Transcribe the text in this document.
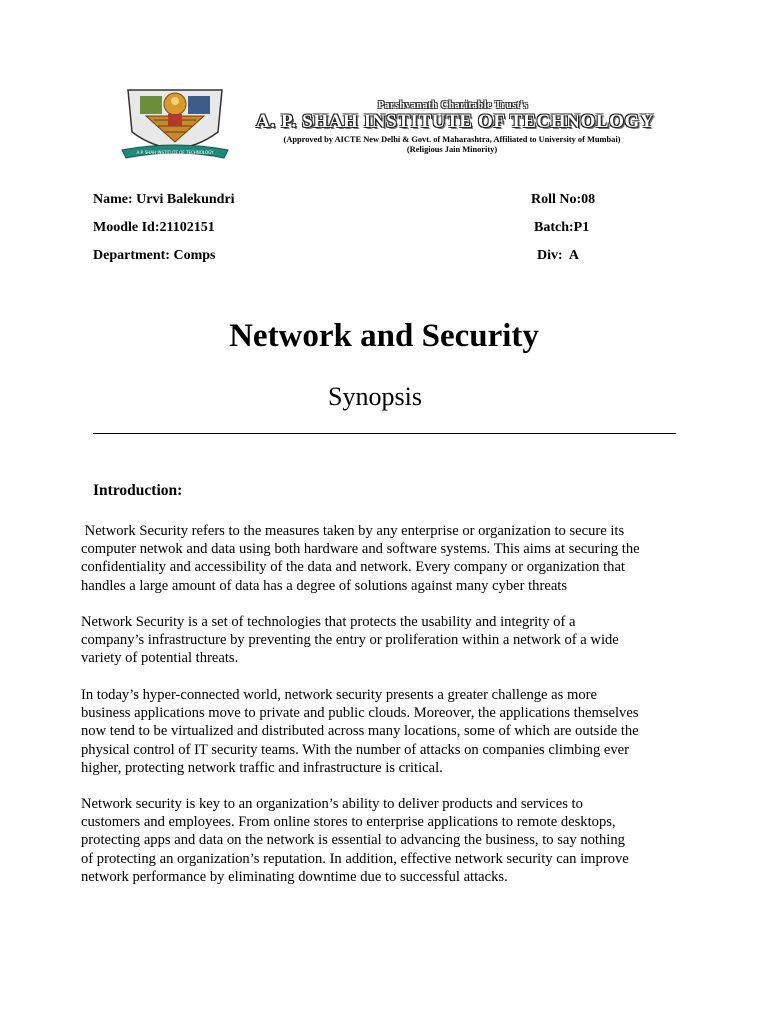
A.P. SHAH INSTITUTE OF TECHNOLOGY
Parshvanath Charitable Trust's
A. P. SHAH INSTITUTE OF TECHNOLOGY
(Approved by AICTE New Delhi & Govt. of Maharashtra, Affiliated to University of Mumbai)
(Religious Jain Minority)
Name: Urvi Balekundri
Moodle Id:21102151
Department: Comps
Roll No:08
Batch:P1
Div:  A
Network and Security
Synopsis
Introduction:
Network Security refers to the measures taken by any enterprise or organization to secure its
computer netwok and data using both hardware and software systems. This aims at securing the
confidentiality and accessibility of the data and network. Every company or organization that
handles a large amount of data has a degree of solutions against many cyber threats
Network Security is a set of technologies that protects the usability and integrity of a
company’s infrastructure by preventing the entry or proliferation within a network of a wide
variety of potential threats.
In today’s hyper-connected world, network security presents a greater challenge as more
business applications move to private and public clouds. Moreover, the applications themselves
now tend to be virtualized and distributed across many locations, some of which are outside the
physical control of IT security teams. With the number of attacks on companies climbing ever
higher, protecting network traffic and infrastructure is critical.
Network security is key to an organization’s ability to deliver products and services to
customers and employees. From online stores to enterprise applications to remote desktops,
protecting apps and data on the network is essential to advancing the business, to say nothing
of protecting an organization’s reputation. In addition, effective network security can improve
network performance by eliminating downtime due to successful attacks.
